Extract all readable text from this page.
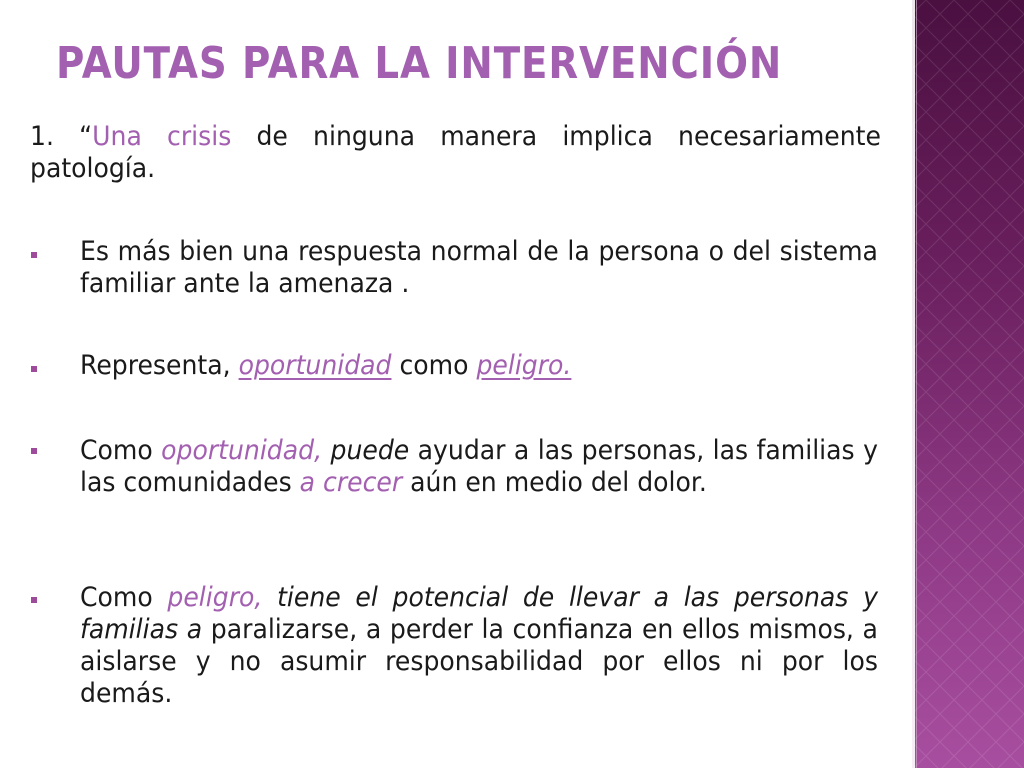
PAUTAS PARA LA INTERVENCIÓN
1. “Una crisis de ninguna manera implica necesariamente patología.
Es más bien una respuesta normal de la persona o del sistema familiar ante la amenaza .
Representa, oportunidad como peligro.
Como oportunidad, puede ayudar a las personas, las familias y las comunidades a crecer aún en medio del dolor.
Como peligro, tiene el potencial de llevar a las personas y familias a paralizarse, a perder la confianza en ellos mismos, a aislarse y no asumir responsabilidad por ellos ni por los demás.
